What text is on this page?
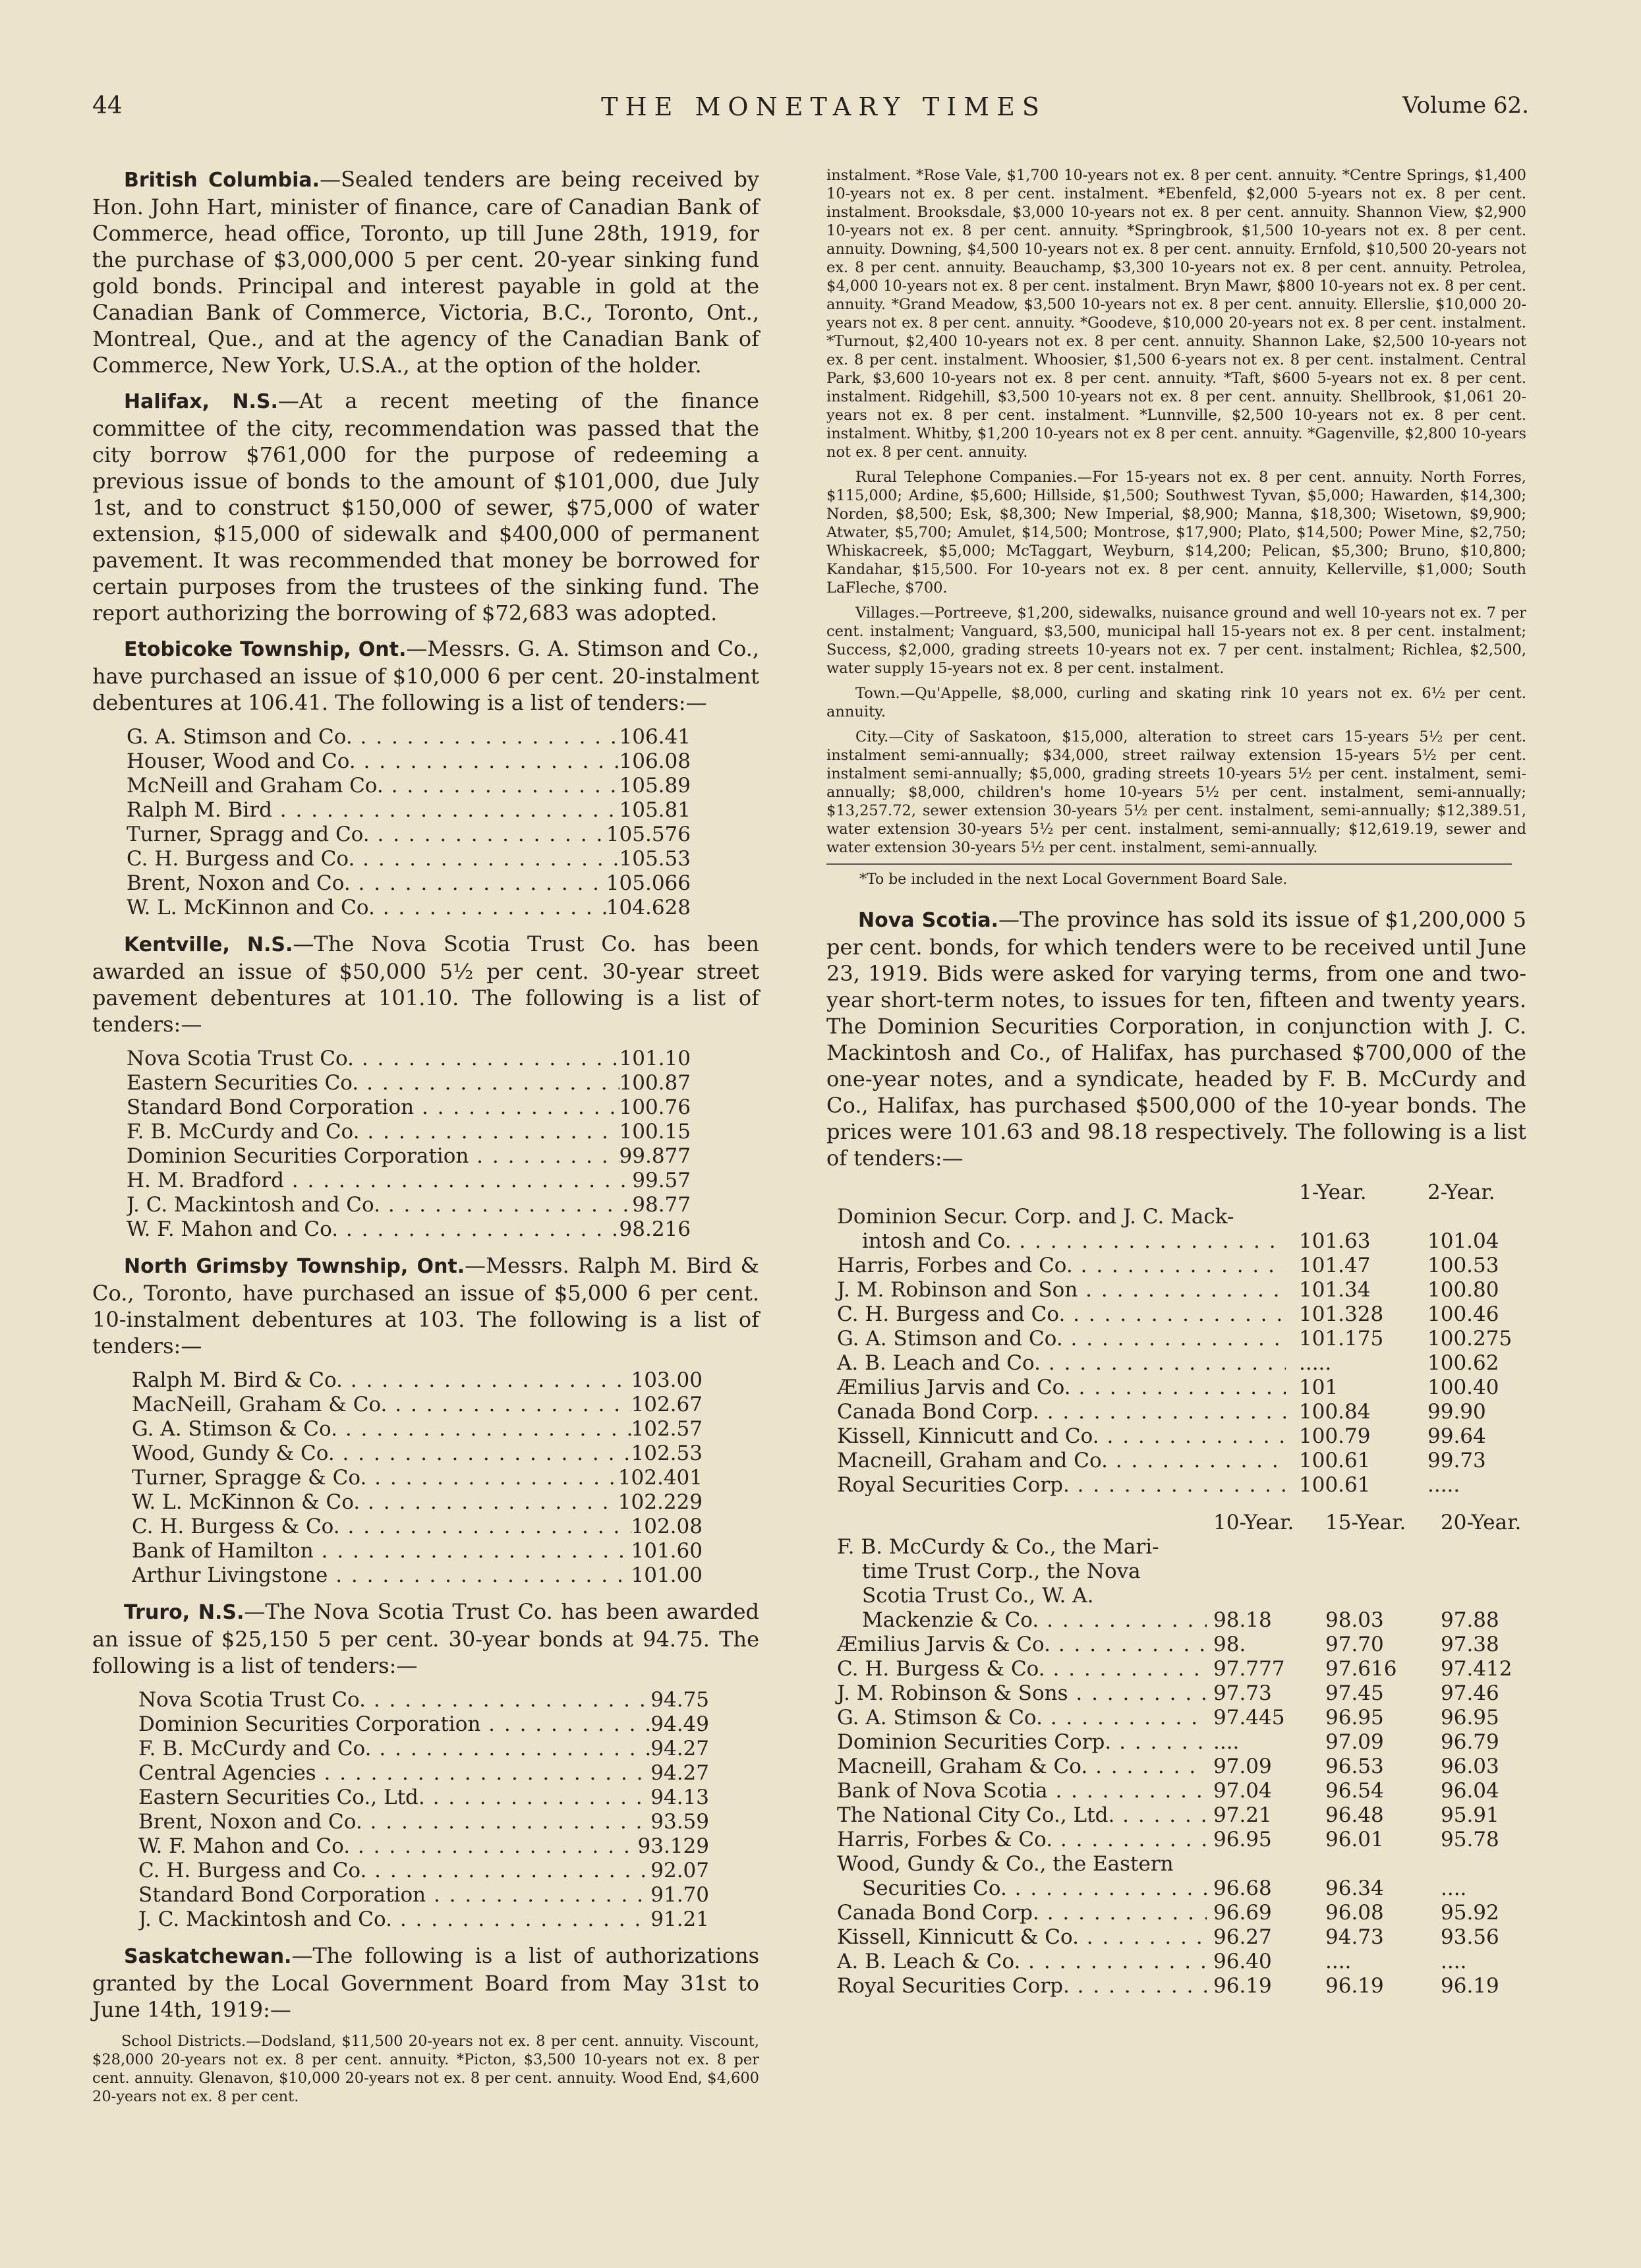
44	THE MONETARY TIMES	Volume 62.

British Columbia.—Sealed tenders are being received by Hon. John Hart, minister of finance, care of Canadian Bank of Commerce, head office, Toronto, up till June 28th, 1919, for the purchase of $3,000,000 5 per cent. 20-year sinking fund gold bonds. Principal and interest payable in gold at the Canadian Bank of Commerce, Victoria, B.C., Toronto, Ont., Montreal, Que., and at the agency of the Canadian Bank of Commerce, New York, U.S.A., at the option of the holder.

Halifax, N.S.—At a recent meeting of the finance committee of the city, recommendation was passed that the city borrow $761,000 for the purpose of redeeming a previous issue of bonds to the amount of $101,000, due July 1st, and to construct $150,000 of sewer, $75,000 of water extension, $15,000 of sidewalk and $400,000 of permanent pavement. It was recommended that money be borrowed for certain purposes from the trustees of the sinking fund. The report authorizing the borrowing of $72,683 was adopted.

Etobicoke Township, Ont.—Messrs. G. A. Stimson and Co., have purchased an issue of $10,000 6 per cent. 20-instalment debentures at 106.41. The following is a list of tenders:—

G. A. Stimson and Co. . . .	106.41
Houser, Wood and Co. . . .	106.08
McNeill and Graham Co. . . .	105.89
Ralph M. Bird . . .	105.81
Turner, Spragg and Co. . . .	105.576
C. H. Burgess and Co. . . .	105.53
Brent, Noxon and Co. . . .	105.066
W. L. McKinnon and Co. . . .	104.628

Kentville, N.S.—The Nova Scotia Trust Co. has been awarded an issue of $50,000 5½ per cent. 30-year street pavement debentures at 101.10. The following is a list of tenders:—

Nova Scotia Trust Co. . . .	101.10
Eastern Securities Co. . . .	100.87
Standard Bond Corporation . . .	100.76
F. B. McCurdy and Co. . . .	100.15
Dominion Securities Corporation . . .	99.877
H. M. Bradford . . .	99.57
J. C. Mackintosh and Co. . . .	98.77
W. F. Mahon and Co. . . .	98.216

North Grimsby Township, Ont.—Messrs. Ralph M. Bird & Co., Toronto, have purchased an issue of $5,000 6 per cent. 10-instalment debentures at 103. The following is a list of tenders:—

Ralph M. Bird & Co. . . .	103.00
MacNeill, Graham & Co. . . .	102.67
G. A. Stimson & Co. . . .	102.57
Wood, Gundy & Co. . . .	102.53
Turner, Spragge & Co. . . .	102.401
W. L. McKinnon & Co. . . .	102.229
C. H. Burgess & Co. . . .	102.08
Bank of Hamilton . . .	101.60
Arthur Livingstone . . .	101.00

Truro, N.S.—The Nova Scotia Trust Co. has been awarded an issue of $25,150 5 per cent. 30-year bonds at 94.75. The following is a list of tenders:—

Nova Scotia Trust Co. . . .	94.75
Dominion Securities Corporation . . .	94.49
F. B. McCurdy and Co. . . .	94.27
Central Agencies . . .	94.27
Eastern Securities Co., Ltd. . . .	94.13
Brent, Noxon and Co. . . .	93.59
W. F. Mahon and Co. . . .	93.129
C. H. Burgess and Co. . . .	92.07
Standard Bond Corporation . . .	91.70
J. C. Mackintosh and Co. . . .	91.21

Saskatchewan.—The following is a list of authorizations granted by the Local Government Board from May 31st to June 14th, 1919:—

School Districts.—Dodsland, $11,500 20-years not ex. 8 per cent. annuity. Viscount, $28,000 20-years not ex. 8 per cent. annuity. *Picton, $3,500 10-years not ex. 8 per cent. annuity. Glenavon, $10,000 20-years not ex. 8 per cent. annuity. Wood End, $4,600 20-years not ex. 8 per cent.

instalment. *Rose Vale, $1,700 10-years not ex. 8 per cent. annuity. *Centre Springs, $1,400 10-years not ex. 8 per cent. instalment. *Ebenfeld, $2,000 5-years not ex. 8 per cent. instalment. Brooksdale, $3,000 10-years not ex. 8 per cent. annuity. Shannon View, $2,900 10-years not ex. 8 per cent. annuity. *Springbrook, $1,500 10-years not ex. 8 per cent. annuity. Downing, $4,500 10-years not ex. 8 per cent. annuity. Ernfold, $10,500 20-years not ex. 8 per cent. annuity. Beauchamp, $3,300 10-years not ex. 8 per cent. annuity. Petrolea, $4,000 10-years not ex. 8 per cent. instalment. Bryn Mawr, $800 10-years not ex. 8 per cent. annuity. *Grand Meadow, $3,500 10-years not ex. 8 per cent. annuity. Ellerslie, $10,000 20-years not ex. 8 per cent. annuity. *Goodeve, $10,000 20-years not ex. 8 per cent. instalment. *Turnout, $2,400 10-years not ex. 8 per cent. annuity. Shannon Lake, $2,500 10-years not ex. 8 per cent. instalment. Whoosier, $1,500 6-years not ex. 8 per cent. instalment. Central Park, $3,600 10-years not ex. 8 per cent. annuity. *Taft, $600 5-years not ex. 8 per cent. instalment. Ridgehill, $3,500 10-years not ex. 8 per cent. annuity. Shellbrook, $1,061 20-years not ex. 8 per cent. instalment. *Lunnville, $2,500 10-years not ex. 8 per cent. instalment. Whitby, $1,200 10-years not ex 8 per cent. annuity. *Gagenville, $2,800 10-years not ex. 8 per cent. annuity.

Rural Telephone Companies.—For 15-years not ex. 8 per cent. annuity. North Forres, $115,000; Ardine, $5,600; Hillside, $1,500; Southwest Tyvan, $5,000; Hawarden, $14,300; Norden, $8,500; Esk, $8,300; New Imperial, $8,900; Manna, $18,300; Wisetown, $9,900; Atwater, $5,700; Amulet, $14,500; Montrose, $17,900; Plato, $14,500; Power Mine, $2,750; Whiskacreek, $5,000; McTaggart, Weyburn, $14,200; Pelican, $5,300; Bruno, $10,800; Kandahar, $15,500. For 10-years not ex. 8 per cent. annuity, Kellerville, $1,000; South LaFleche, $700.

Villages.—Portreeve, $1,200, sidewalks, nuisance ground and well 10-years not ex. 7 per cent. instalment; Vanguard, $3,500, municipal hall 15-years not ex. 8 per cent. instalment; Success, $2,000, grading streets 10-years not ex. 7 per cent. instalment; Richlea, $2,500, water supply 15-years not ex. 8 per cent. instalment.

Town.—Qu'Appelle, $8,000, curling and skating rink 10 years not ex. 6½ per cent. annuity.

City.—City of Saskatoon, $15,000, alteration to street cars 15-years 5½ per cent. instalment semi-annually; $34,000, street railway extension 15-years 5½ per cent. instalment semi-annually; $5,000, grading streets 10-years 5½ per cent. instalment, semi-annually; $8,000, children's home 10-years 5½ per cent. instalment, semi-annually; $13,257.72, sewer extension 30-years 5½ per cent. instalment, semi-annually; $12,389.51, water extension 30-years 5½ per cent. instalment, semi-annually; $12,619.19, sewer and water extension 30-years 5½ per cent. instalment, semi-annually.

*To be included in the next Local Government Board Sale.

Nova Scotia.—The province has sold its issue of $1,200,000 5 per cent. bonds, for which tenders were to be received until June 23, 1919. Bids were asked for varying terms, from one and two-year short-term notes, to issues for ten, fifteen and twenty years. The Dominion Securities Corporation, in conjunction with J. C. Mackintosh and Co., of Halifax, has purchased $700,000 of the one-year notes, and a syndicate, headed by F. B. McCurdy and Co., Halifax, has purchased $500,000 of the 10-year bonds. The prices were 101.63 and 98.18 respectively. The following is a list of tenders:—

1-Year.	2-Year.
Dominion Secur. Corp. and J. C. Mack-
intosh and Co. . . .	101.63	101.04
Harris, Forbes and Co. . . .	101.47	100.53
J. M. Robinson and Son . . .	101.34	100.80
C. H. Burgess and Co. . . .	101.328	100.46
G. A. Stimson and Co. . . .	101.175	100.275
A. B. Leach and Co. . . .	.....	100.62
Æmilius Jarvis and Co. . . .	101	100.40
Canada Bond Corp. . . .	100.84	99.90
Kissell, Kinnicutt and Co. . . .	100.79	99.64
Macneill, Graham and Co. . . .	100.61	99.73
Royal Securities Corp. . . .	100.61	.....
10-Year.	15-Year.	20-Year.
F. B. McCurdy & Co., the Mari-
time Trust Corp., the Nova
Scotia Trust Co., W. A.
Mackenzie & Co. . . .	98.18	98.03	97.88
Æmilius Jarvis & Co. . . .	98.	97.70	97.38
C. H. Burgess & Co. . . .	97.777	97.616	97.412
J. M. Robinson & Sons . . .	97.73	97.45	97.46
G. A. Stimson & Co. . . .	97.445	96.95	96.95
Dominion Securities Corp. . . .	....	97.09	96.79
Macneill, Graham & Co. . . .	97.09	96.53	96.03
Bank of Nova Scotia . . .	97.04	96.54	96.04
The National City Co., Ltd. . . .	97.21	96.48	95.91
Harris, Forbes & Co. . . .	96.95	96.01	95.78
Wood, Gundy & Co., the Eastern
Securities Co. . . .	96.68	96.34	....
Canada Bond Corp. . . .	96.69	96.08	95.92
Kissell, Kinnicutt & Co. . . .	96.27	94.73	93.56
A. B. Leach & Co. . . .	96.40	....	....
Royal Securities Corp. . . .	96.19	96.19	96.19
